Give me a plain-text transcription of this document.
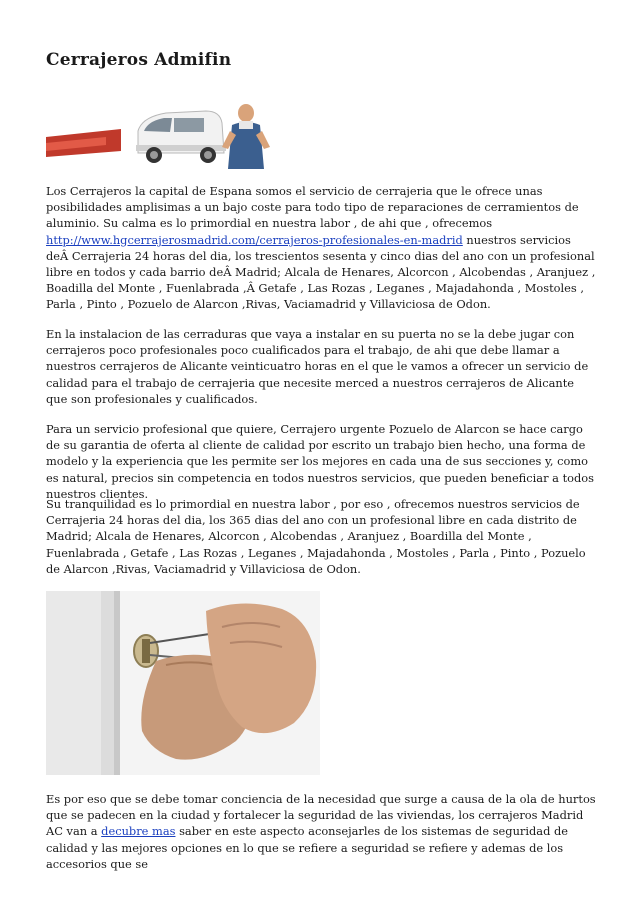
Cerrajeros Admifin

Los Cerrajeros la capital de Espana somos el servicio de cerrajeria que le ofrece unas posibilidades amplisimas a un bajo coste para todo tipo de reparaciones de cerramientos de aluminio. Su calma es lo primordial en nuestra labor , de ahi que , ofrecemos http://www.hgcerrajerosmadrid.com/cerrajeros-profesionales-en-madrid nuestros servicios deÂ Cerrajeria 24 horas del dia, los trescientos sesenta y cinco dias del ano con un profesional libre en todos y cada barrio deÂ Madrid; Alcala de Henares, Alcorcon , Alcobendas , Aranjuez , Boadilla del Monte , Fuenlabrada ,Â Getafe , Las Rozas , Leganes , Majadahonda , Mostoles , Parla , Pinto , Pozuelo de Alarcon ,Rivas, Vaciamadrid y Villaviciosa de Odon.

En la instalacion de las cerraduras que vaya a instalar en su puerta no se la debe jugar con cerrajeros poco profesionales poco cualificados para el trabajo, de ahi que debe llamar a nuestros cerrajeros de Alicante veinticuatro horas en el que le vamos a ofrecer un servicio de calidad para el trabajo de cerrajeria que necesite merced a nuestros cerrajeros de Alicante que son profesionales y cualificados.

Para un servicio profesional que quiere, Cerrajero urgente Pozuelo de Alarcon se hace cargo de su garantia de oferta al cliente de calidad por escrito un trabajo bien hecho, una forma de modelo y la experiencia que les permite ser los mejores en cada una de sus secciones y, como es natural, precios sin competencia en todos nuestros servicios, que pueden beneficiar a todos nuestros clientes.

Su tranquilidad es lo primordial en nuestra labor , por eso , ofrecemos nuestros servicios de Cerrajeria 24 horas del dia, los 365 dias del ano con un profesional libre en cada distrito de Madrid; Alcala de Henares, Alcorcon , Alcobendas , Aranjuez , Boardilla del Monte , Fuenlabrada , Getafe , Las Rozas , Leganes , Majadahonda , Mostoles , Parla , Pinto , Pozuelo de Alarcon ,Rivas, Vaciamadrid y Villaviciosa de Odon.

Es por eso que se debe tomar conciencia de la necesidad que surge a causa de la ola de hurtos que se padecen en la ciudad y fortalecer la seguridad de las viviendas, los cerrajeros Madrid AC van a decubre mas saber en este aspecto aconsejarles de los sistemas de seguridad de calidad y las mejores opciones en lo que se refiere a seguridad se refiere y ademas de los accesorios que se
